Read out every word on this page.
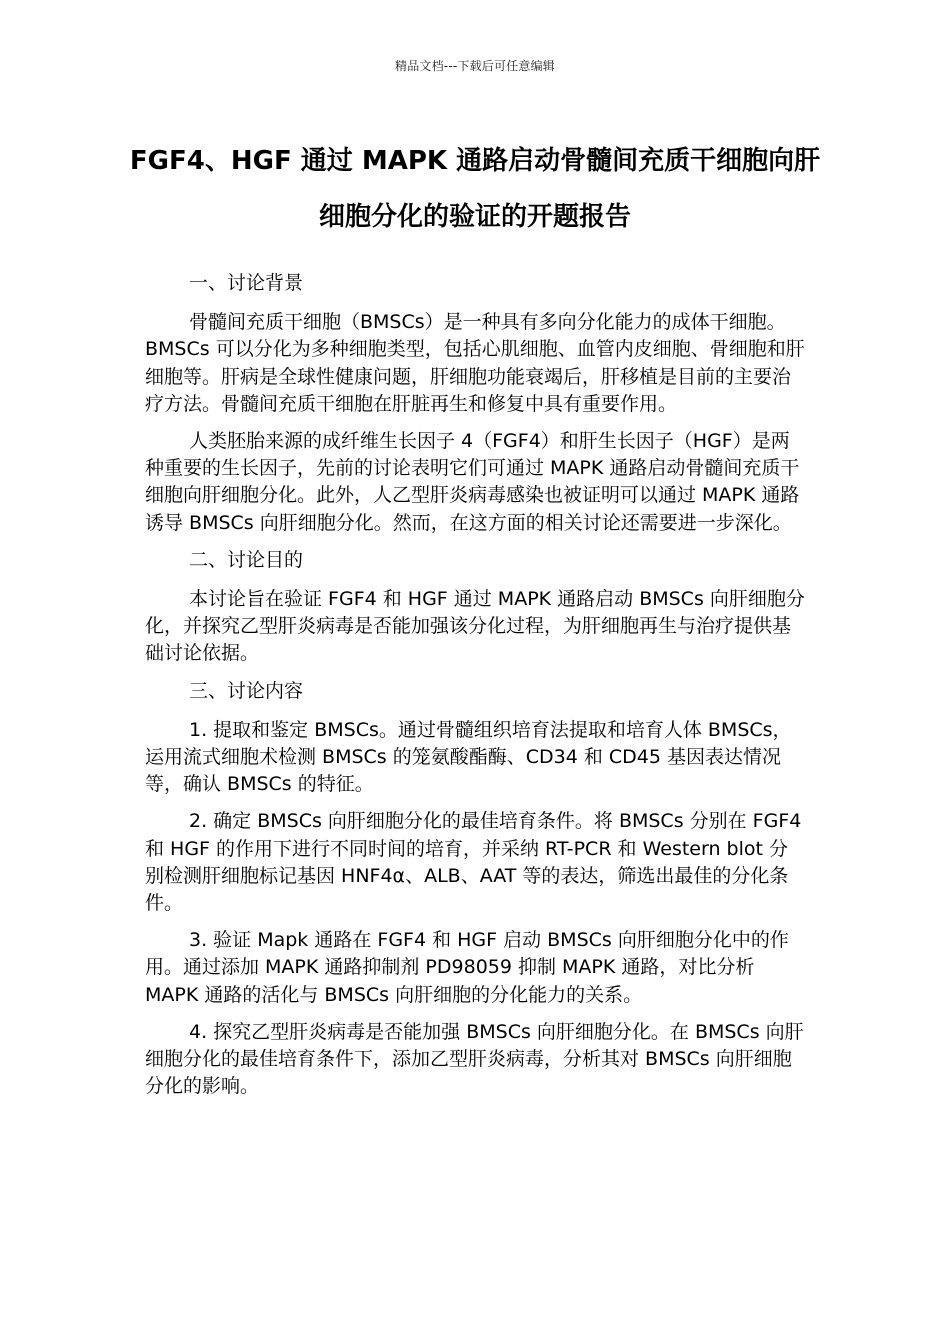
精品文档---下载后可任意编辑
FGF4、HGF 通过 MAPK 通路启动骨髓间充质干细胞向肝细胞分化的验证的开题报告

一、讨论背景

骨髓间充质干细胞（BMSCs）是一种具有多向分化能力的成体干细胞。BMSCs 可以分化为多种细胞类型，包括心肌细胞、血管内皮细胞、骨细胞和肝细胞等。肝病是全球性健康问题，肝细胞功能衰竭后，肝移植是目前的主要治疗方法。骨髓间充质干细胞在肝脏再生和修复中具有重要作用。

人类胚胎来源的成纤维生长因子 4（FGF4）和肝生长因子（HGF）是两种重要的生长因子，先前的讨论表明它们可通过 MAPK 通路启动骨髓间充质干细胞向肝细胞分化。此外，人乙型肝炎病毒感染也被证明可以通过 MAPK 通路诱导 BMSCs 向肝细胞分化。然而，在这方面的相关讨论还需要进一步深化。

二、讨论目的

本讨论旨在验证 FGF4 和 HGF 通过 MAPK 通路启动 BMSCs 向肝细胞分化，并探究乙型肝炎病毒是否能加强该分化过程，为肝细胞再生与治疗提供基础讨论依据。

三、讨论内容

1. 提取和鉴定 BMSCs。通过骨髓组织培育法提取和培育人体 BMSCs，运用流式细胞术检测 BMSCs 的笼氨酸酯酶、CD34 和 CD45 基因表达情况等，确认 BMSCs 的特征。

2. 确定 BMSCs 向肝细胞分化的最佳培育条件。将 BMSCs 分别在 FGF4 和 HGF 的作用下进行不同时间的培育，并采纳 RT-PCR 和 Western blot 分别检测肝细胞标记基因 HNF4α、ALB、AAT 等的表达，筛选出最佳的分化条件。

3. 验证 Mapk 通路在 FGF4 和 HGF 启动 BMSCs 向肝细胞分化中的作用。通过添加 MAPK 通路抑制剂 PD98059 抑制 MAPK 通路，对比分析 MAPK 通路的活化与 BMSCs 向肝细胞的分化能力的关系。

4. 探究乙型肝炎病毒是否能加强 BMSCs 向肝细胞分化。在 BMSCs 向肝细胞分化的最佳培育条件下，添加乙型肝炎病毒，分析其对 BMSCs 向肝细胞分化的影响。
